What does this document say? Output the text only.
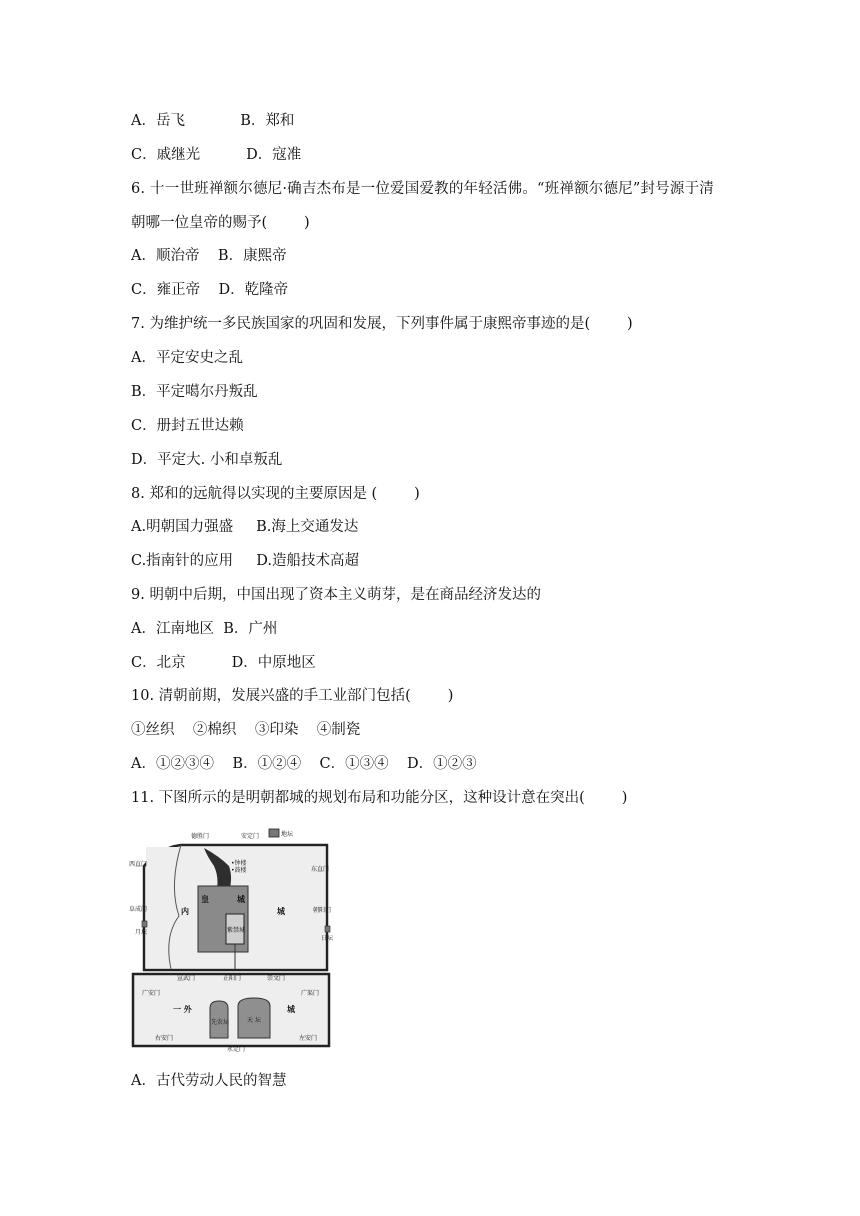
A．岳飞            B．郑和
C．戚继光          D．寇准
6. 十一世班禅额尔德尼·确吉杰布是一位爱国爱教的年轻活佛。“班禅额尔德尼”封号源于清
朝哪一位皇帝的赐予(        )
A．顺治帝    B．康熙帝
C．雍正帝    D．乾隆帝
7. 为维护统一多民族国家的巩固和发展，下列事件属于康熙帝事迹的是(        )
A．平定安史之乱
B．平定噶尔丹叛乱
C．册封五世达赖
D．平定大. 小和卓叛乱
8. 郑和的远航得以实现的主要原因是 (        )
A.明朝国力强盛     B.海上交通发达
C.指南针的应用     D.造船技术高超
9. 明朝中后期，中国出现了资本主义萌芽，是在商品经济发达的
A．江南地区  B．广州
C．北京          D．中原地区
10. 清朝前期，发展兴盛的手工业部门包括(        )
①丝织    ②棉织    ③印染    ④制瓷
A．①②③④    B．①②④    C．①③④    D．①②③
11. 下图所示的是明朝都城的规划布局和功能分区，这种设计意在突出(        )
德胜门	安定门	地坛
西直门
东直门
阜成门	朝阳门
月坛
日坛
•钟楼
•鼓楼
宣武门	正阳门	崇文门
广安门	广渠门
右安门	左安门
永定门
先农坛	天 坛
内	城
皇	城
紫禁城
一 外	城
A．古代劳动人民的智慧
